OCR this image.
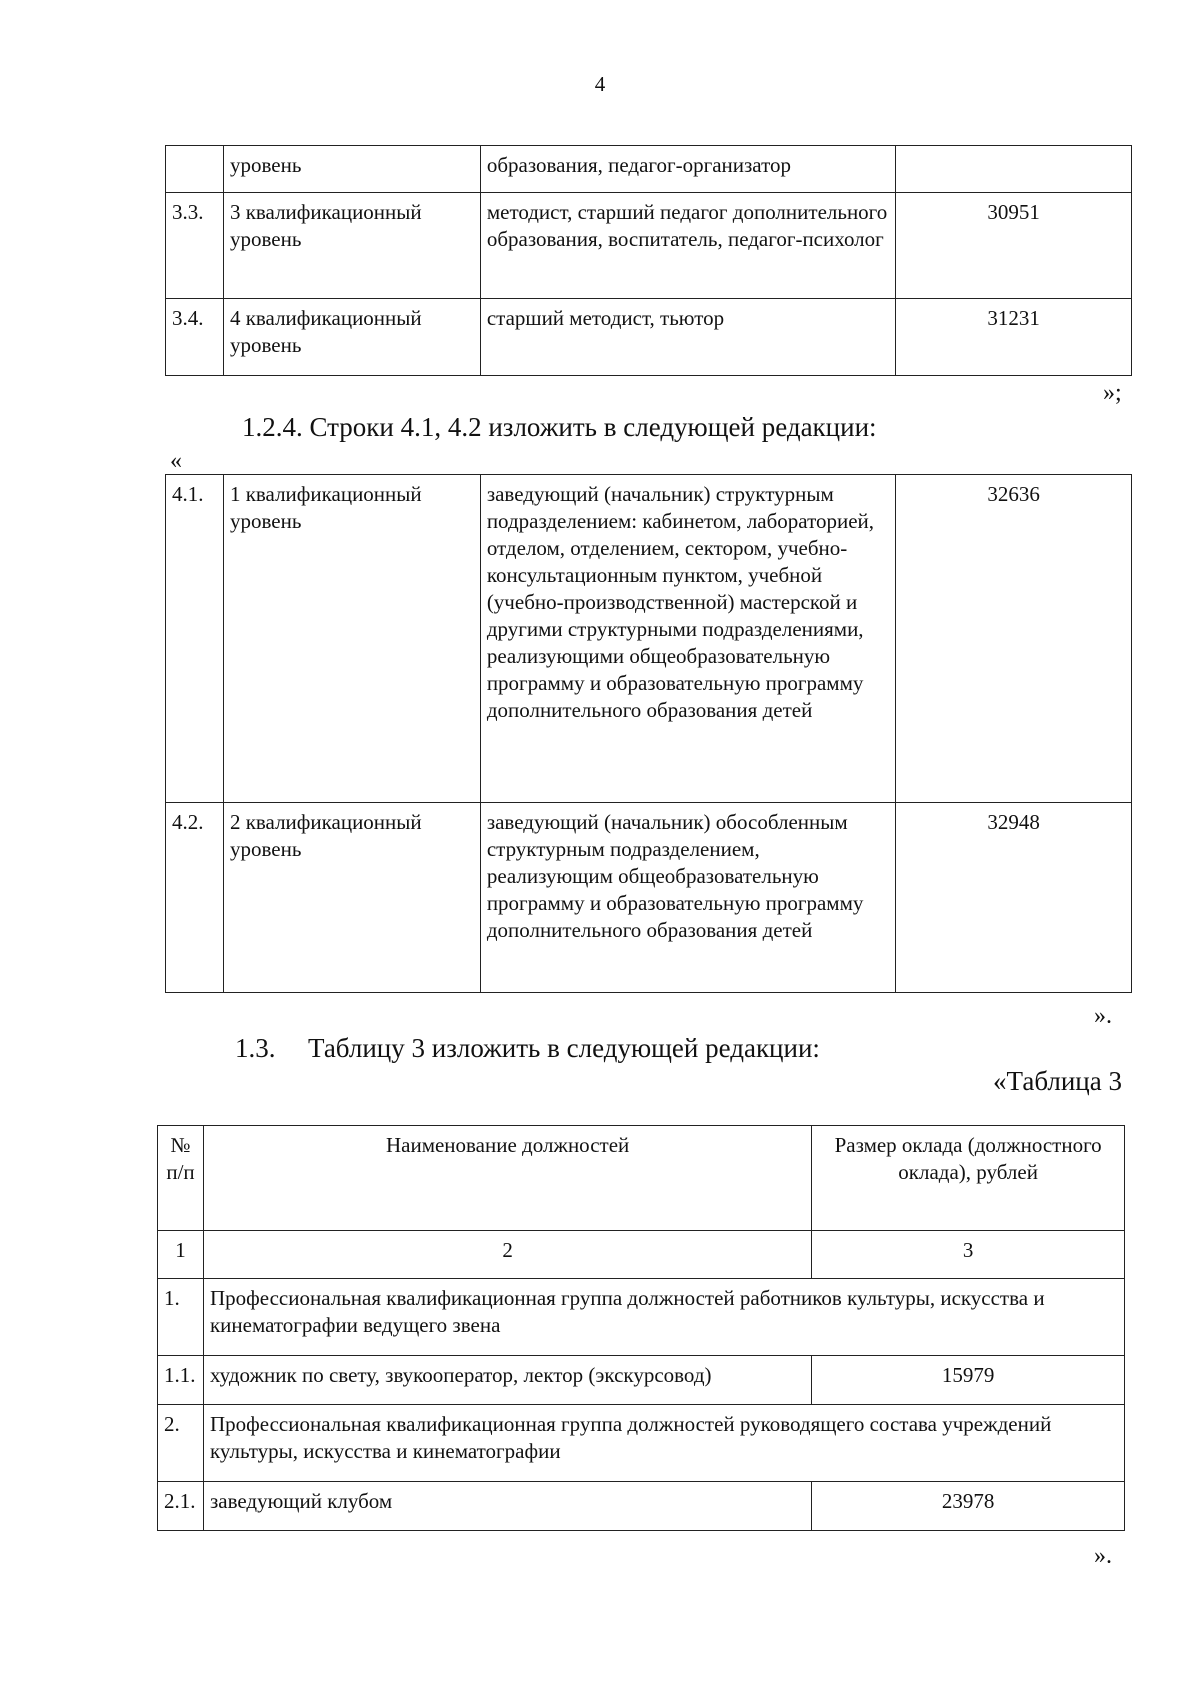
4
	уровень	образования, педагог-организатор	
3.3.	3 квалификационный уровень	методист, старший педагог дополнительного образования, воспитатель, педагог-психолог	30951
3.4.	4 квалификационный уровень	старший методист, тьютор	31231
»;
1.2.4. Строки 4.1, 4.2 изложить в следующей редакции:
«
4.1.	1 квалификационный уровень	заведующий (начальник) структурным подразделением: кабинетом, лабораторией, отделом, отделением, сектором, учебно-консультационным пунктом, учебной (учебно-производственной) мастерской и другими структурными подразделениями, реализующими общеобразовательную программу и образовательную программу дополнительного образования детей	32636
4.2.	2 квалификационный уровень	заведующий (начальник) обособленным структурным подразделением, реализующим общеобразовательную программу и образовательную программу дополнительного образования детей	32948
».
1.3. Таблицу 3 изложить в следующей редакции:
«Таблица 3
№ п/п	Наименование должностей	Размер оклада (должностного оклада), рублей
1	2	3
1.	Профессиональная квалификационная группа должностей работников культуры, искусства и кинематографии ведущего звена	
1.1.	художник по свету, звукооператор, лектор (экскурсовод)	15979
2.	Профессиональная квалификационная группа должностей руководящего состава учреждений культуры, искусства и кинематографии	
2.1.	заведующий клубом	23978
».
